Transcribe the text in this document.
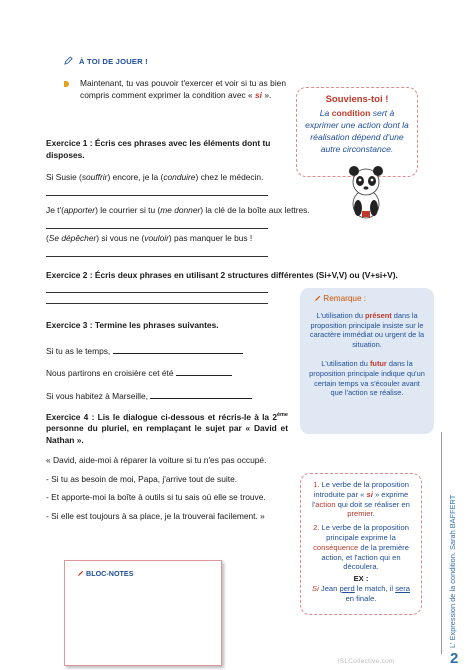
À TOI DE JOUER !
Maintenant, tu vas pouvoir t'exercer et voir si tu as bien compris comment exprimer la condition avec « si ».	Souviens-toi !
La condition sert à exprimer une action dont la réalisation dépend d'une autre circonstance.
Exercice 1 : Écris ces phrases avec les éléments dont tu disposes.
Si Susie (souffrir) encore, je la (conduire) chez le médecin.
Je t'(apporter) le courrier si tu (me donner) la clé de la boîte aux lettres.
(Se dépêcher) si vous ne (vouloir) pas manquer le bus !
Exercice 2 : Écris deux phrases en utilisant 2 structures différentes (Si+V,V) ou (V+si+V).
Remarque :
L'utilisation du présent dans la proposition principale insiste sur le caractère immédiat ou urgent de la situation.
L'utilisation du futur dans la proposition principale indique qu'un certain temps va s'écouler avant que l'action se réalise.
Exercice 3 : Termine les phrases suivantes.
Si tu as le temps,
Nous partirons en croisière cet été
Si vous habitez à Marseille,
Exercice 4 : Lis le dialogue ci-dessous et récris-le à la 2ème personne du pluriel, en remplaçant le sujet par « David et Nathan ».
« David, aide-moi à réparer la voiture si tu n'es pas occupé.
- Si tu as besoin de moi, Papa, j'arrive tout de suite.
- Et apporte-moi la boîte à outils si tu sais où elle se trouve.
- Si elle est toujours à sa place, je la trouverai facilement. »
BLOC-NOTES
1. Le verbe de la proposition introduite par « si » exprime l'action qui doit se réaliser en premier.
2. Le verbe de la proposition principale exprime la conséquence de la première action, et l'action qui en découlera.
EX :
Si Jean perd le match, il sera en finale.	L' Expression de la condition. Sarah BAFFERT
2
iSLCollective.com
